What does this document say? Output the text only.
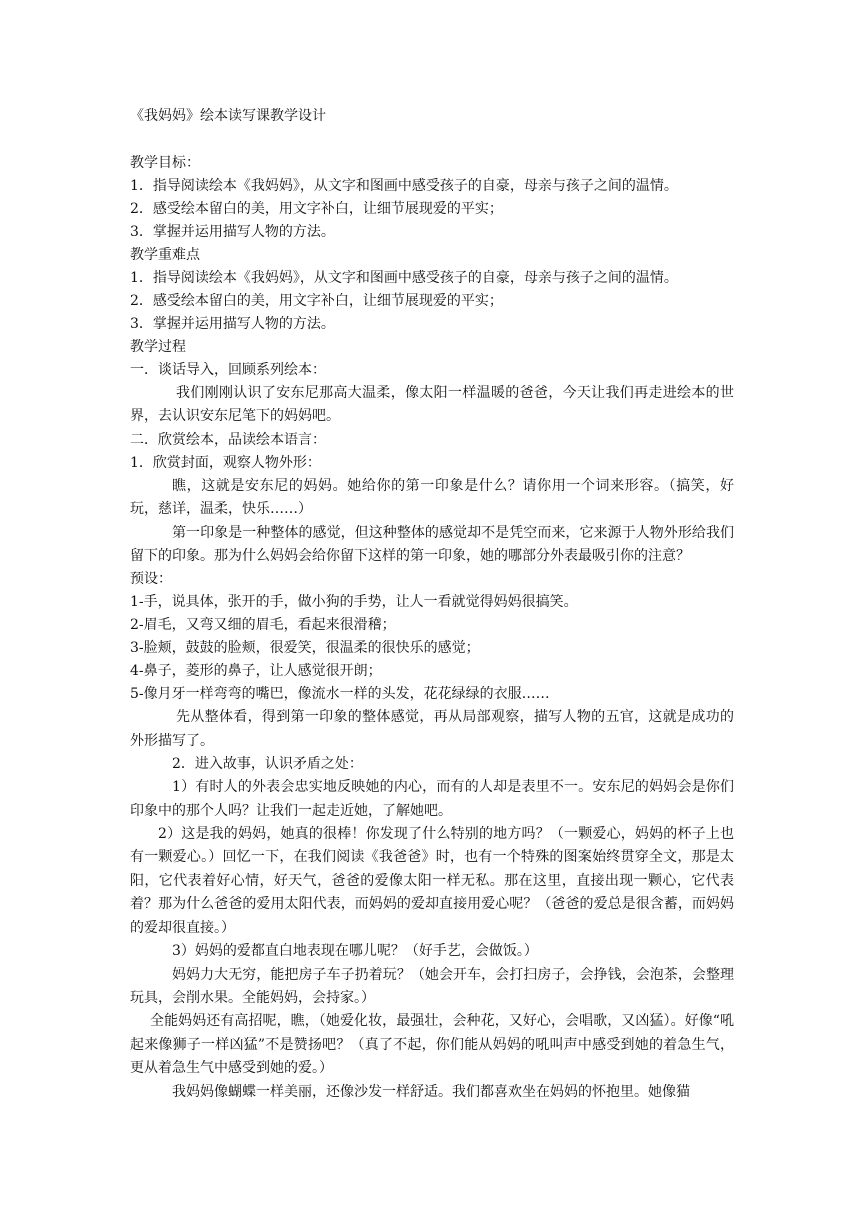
《我妈妈》绘本读写课教学设计

教学目标：

1．指导阅读绘本《我妈妈》，从文字和图画中感受孩子的自豪，母亲与孩子之间的温情。

2．感受绘本留白的美，用文字补白，让细节展现爱的平实；

3．掌握并运用描写人物的方法。

教学重难点

1．指导阅读绘本《我妈妈》，从文字和图画中感受孩子的自豪，母亲与孩子之间的温情。

2．感受绘本留白的美，用文字补白，让细节展现爱的平实；

3．掌握并运用描写人物的方法。

教学过程

一．谈话导入，回顾系列绘本：

我们刚刚认识了安东尼那高大温柔，像太阳一样温暖的爸爸，今天让我们再走进绘本的世界，去认识安东尼笔下的妈妈吧。

二．欣赏绘本，品读绘本语言：

1．欣赏封面，观察人物外形：

瞧，这就是安东尼的妈妈。她给你的第一印象是什么？请你用一个词来形容。（搞笑，好玩，慈详，温柔，快乐……）

第一印象是一种整体的感觉，但这种整体的感觉却不是凭空而来，它来源于人物外形给我们留下的印象。那为什么妈妈会给你留下这样的第一印象，她的哪部分外表最吸引你的注意？

预设：

1-手，说具体，张开的手，做小狗的手势，让人一看就觉得妈妈很搞笑。

2-眉毛，又弯又细的眉毛，看起来很滑稽；

3-脸颊，鼓鼓的脸颊，很爱笑，很温柔的很快乐的感觉；

4-鼻子，菱形的鼻子，让人感觉很开朗；

5-像月牙一样弯弯的嘴巴，像流水一样的头发，花花绿绿的衣服……

先从整体看，得到第一印象的整体感觉，再从局部观察，描写人物的五官，这就是成功的外形描写了。

2．进入故事，认识矛盾之处：

1）有时人的外表会忠实地反映她的内心，而有的人却是表里不一。安东尼的妈妈会是你们印象中的那个人吗？让我们一起走近她，了解她吧。

2）这是我的妈妈，她真的很棒！你发现了什么特别的地方吗？（一颗爱心，妈妈的杯子上也有一颗爱心。）回忆一下，在我们阅读《我爸爸》时，也有一个特殊的图案始终贯穿全文，那是太阳，它代表着好心情，好天气，爸爸的爱像太阳一样无私。那在这里，直接出现一颗心，它代表着？那为什么爸爸的爱用太阳代表，而妈妈的爱却直接用爱心呢？（爸爸的爱总是很含蓄，而妈妈的爱却很直接。）

3）妈妈的爱都直白地表现在哪儿呢？（好手艺，会做饭。）

妈妈力大无穷，能把房子车子扔着玩？（她会开车，会打扫房子，会挣钱，会泡茶，会整理玩具，会削水果。全能妈妈，会持家。）

全能妈妈还有高招呢，瞧，（她爱化妆，最强壮，会种花，又好心，会唱歌，又凶猛）。好像“吼起来像狮子一样凶猛”不是赞扬吧？（真了不起，你们能从妈妈的吼叫声中感受到她的着急生气，更从着急生气中感受到她的爱。）

我妈妈像蝴蝶一样美丽，还像沙发一样舒适。我们都喜欢坐在妈妈的怀抱里。她像猫
